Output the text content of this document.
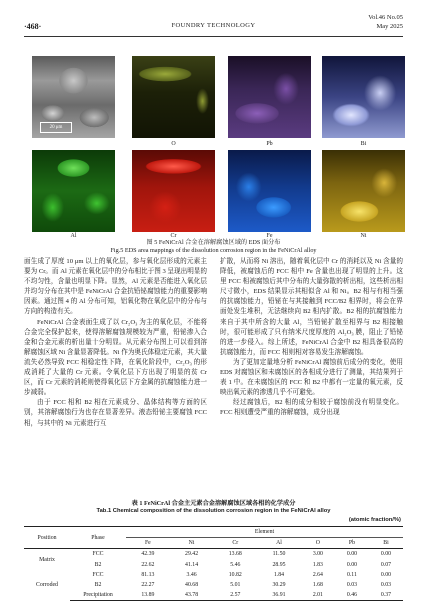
·468·	FOUNDRY TECHNOLOGY
Vol.46 No.05
May 2025
20 μm
O	Pb	Bi
Al	Cr	Fe	Ni
图 5 FeNiCrAl 合金在溶解腐蚀区域的 EDS 面分布
Fig.5 EDS area mappings of the dissolution corrosion region in the FeNiCrAl alloy

面生成了厚度 10 μm 以上的氧化层，参与氧化层形成的元素主要为 Cr。而 Al 元素在氧化层中的分布相比于图 3 呈现出明显的不均匀性，含量也明显下降。显然，Al 元素是否能进入氧化层并均匀分布在其中是 FeNiCrAl 合金抗铅铋腐蚀能力的重要影响因素。通过图 4 的 Al 分布可知，铝氧化物在氧化层中的分布与方向的构造有关。

FeNiCrAl 合金表面生成了以 Cr₂O₃ 为主的氧化层，不能将合金完全保护起来，使得溶解腐蚀规模较为严重，铅铋渗入合金和合金元素的析出量十分明显。从元素分布图上可以看到溶解腐蚀区域 Ni 含量显著降低。Ni 作为奥氏体稳定元素，其大量流失必然导致 FCC 相稳定性下降，在氧化阶段中，Cr₂O₃ 的形成消耗了大量的 Cr 元素。令氧化层下方出现了明显的贫 Cr 区，而 Cr 元素的消耗则使得氧化层下方金属的抗腐蚀能力进一步减弱。

由于 FCC 相和 B2 相在元素成分、晶体结构等方面的区别，其溶解腐蚀行为也存在显著差异。液态铅铋主要腐蚀 FCC 相，与其中的 Ni 元素进行互

扩散，从而将 Ni 溶出，随着氧化层中 Cr 的消耗以及 Ni 含量的降低，被腐蚀后的 FCC 相中 Fe 含量也出现了明显的上升。这里 FCC 相被腐蚀后其中分布的大量弥散的析出相，这些析出相尺寸微小，EDS 结果显示其相似含 Al 和 Ni。B2 相与有相当强的抗腐蚀能力，铅铋在与其接触到 FCC/B2 相界时，将会在界面处发生堆积，无法继续向 B2 相内扩散。B2 相的抗腐蚀能力来自于其中所含的大量 Al，当铅铋扩散至相界与 B2 相接触时，很可能形成了只有纳米尺度厚度的 Al₂O₃ 膜，阻止了铅铋的进一步侵入。综上所述，FeNiCrAl 合金中 B2 相具备很高的抗腐蚀能力，而 FCC 相则相对容易发生溶解腐蚀。

为了更加定量地分析 FeNiCrAl 腐蚀前后成分的变化，使用 EDS 对腐蚀区和未腐蚀区的各相成分进行了测量，其结果列于表 1 中。在未腐蚀区的 FCC 和 B2 中都有一定量的氧元素，反映出氧元素的渗透几乎不可避免。

经过腐蚀后，B2 相的成分相较于腐蚀前没有明显变化。FCC 相则遭受严重的溶解腐蚀，成分出现

表 1 FeNiCrAl 合金主元素合金溶解腐蚀区域各相的化学成分
Tab.1 Chemical composition of the dissolution corrosion region in the FeNiCrAl alloy
(atomic fraction/%)
Position	Phase	Element						
		Fe	Ni	Cr	Al	O	Pb	Bi
Matrix	FCC	42.39	29.42	13.68	11.50	3.00	0.00	0.00
	B2	22.62	41.14	5.46	28.95	1.83	0.00	0.07
Corroded	FCC	81.13	3.46	10.82	1.84	2.64	0.11	0.00
	B2	22.27	40.68	5.01	30.29	1.68	0.03	0.03
	Precipitation	13.89	43.78	2.57	36.91	2.01	0.46	0.37
